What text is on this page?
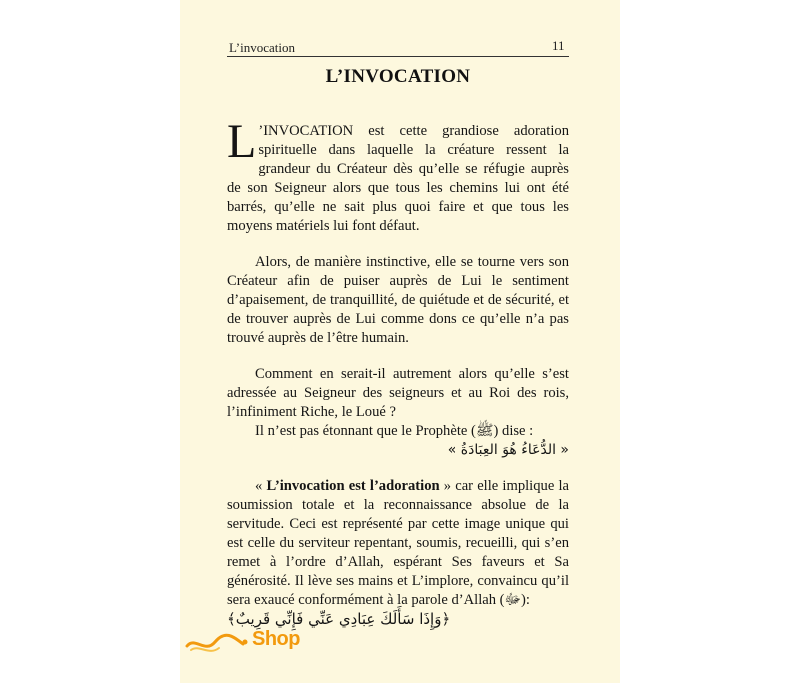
L’invocation	11
L’INVOCATION

L ’INVOCATION est cette grandiose adoration spirituelle dans laquelle la créature ressent la grandeur du Créateur dès qu’elle se réfugie auprès de son Seigneur alors que tous les chemins lui ont été barrés, qu’elle ne sait plus quoi faire et que tous les moyens matériels lui font défaut.

Alors, de manière instinctive, elle se tourne vers son Créateur afin de puiser auprès de Lui le sentiment d’apaisement, de tranquillité, de quiétude et de sécurité, et de trouver auprès de Lui comme dons ce qu’elle n’a pas trouvé auprès de l’être humain.

Comment en serait-il autrement alors qu’elle s’est adressée au Seigneur des seigneurs et au Roi des rois, l’infiniment Riche, le Loué ?

Il n’est pas étonnant que le Prophète (ﷺ) dise :

« الدُّعَاءُ هُوَ العِبَادَةُ »

« L’invocation est l’adoration » car elle implique la soumission totale et la reconnaissance absolue de la servitude. Ceci est représenté par cette image unique qui est celle du serviteur repentant, soumis, recueilli, qui s’en remet à l’ordre d’Allah, espérant Ses faveurs et Sa générosité. Il lève ses mains et L’implore, convaincu qu’il sera exaucé conformément à la parole d’Allah (ﷻ):

﴿وَإِذَا سَأَلَكَ عِبَادِي عَنِّي فَإِنِّي قَرِيبٌ﴾

Shop
